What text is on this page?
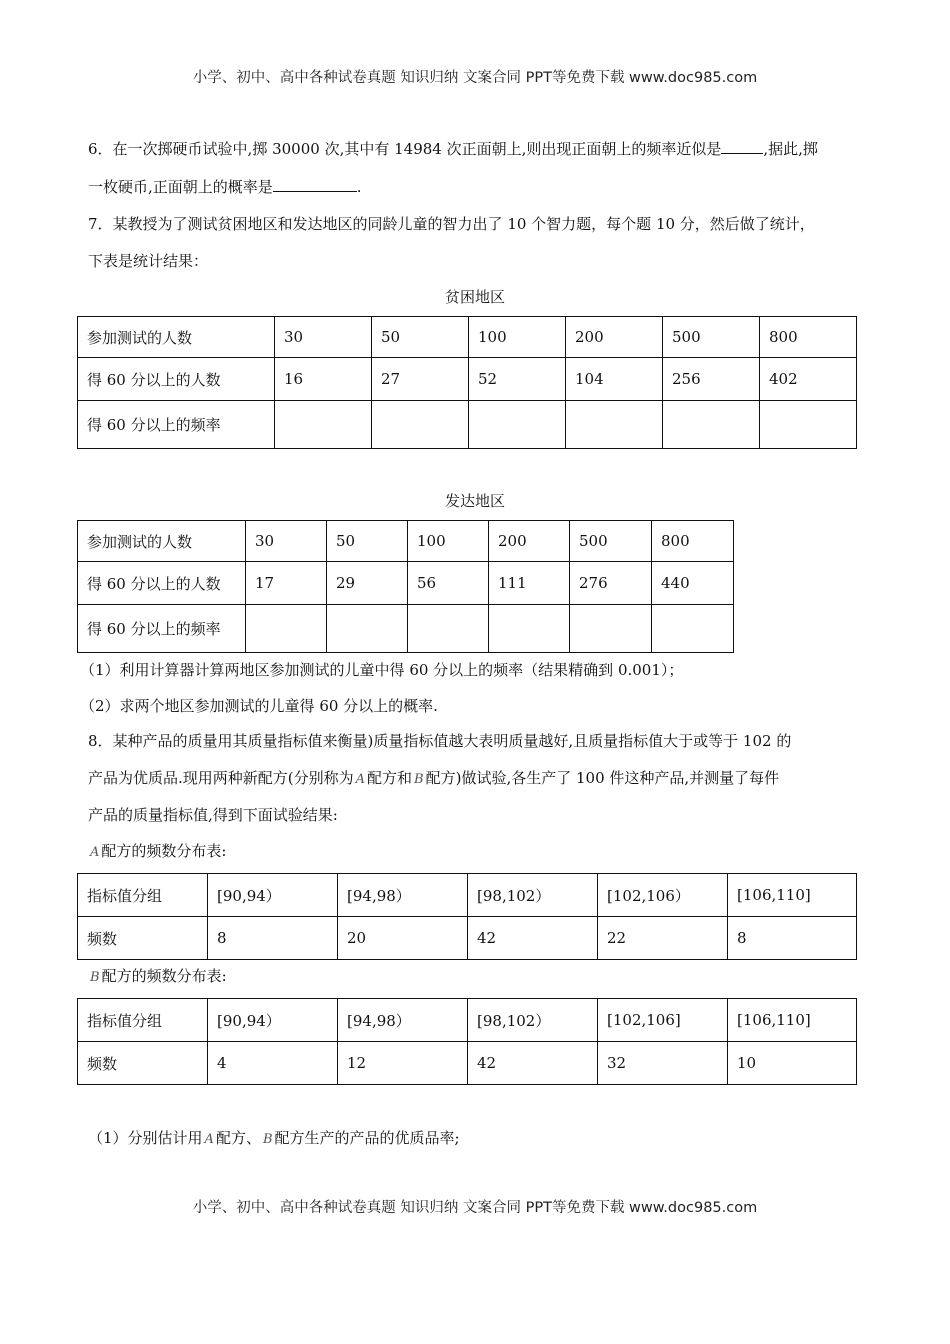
小学、初中、高中各种试卷真题 知识归纳 文案合同 PPT等免费下载 www.doc985.com
6．在一次掷硬币试验中,掷 30000 次,其中有 14984 次正面朝上,则出现正面朝上的频率近似是	,据此,掷
一枚硬币,正面朝上的概率是	.
7．某教授为了测试贫困地区和发达地区的同龄儿童的智力出了 10 个智力题，每个题 10 分，然后做了统计，
下表是统计结果：
贫困地区
参加测试的人数	30	50	100	200	500	800
得 60 分以上的人数	16	27	52	104	256	402
得 60 分以上的频率						
发达地区
参加测试的人数	30	50	100	200	500	800
得 60 分以上的人数	17	29	56	111	276	440
得 60 分以上的频率						
（1）利用计算器计算两地区参加测试的儿童中得 60 分以上的频率（结果精确到 0.001）；
（2）求两个地区参加测试的儿童得 60 分以上的概率.
8．某种产品的质量用其质量指标值来衡量)质量指标值越大表明质量越好,且质量指标值大于或等于 102 的
产品为优质品.现用两种新配方(分别称为 A 配方和 B 配方)做试验,各生产了 100 件这种产品,并测量了每件
产品的质量指标值,得到下面试验结果:
A 配方的频数分布表:
指标值分组	[90,94）	[94,98）	[98,102）	[102,106）	[106,110]
频数	8	20	42	22	8
B 配方的频数分布表:
指标值分组	[90,94）	[94,98）	[98,102）	[102,106]	[106,110]
频数	4	12	42	32	10
（1）分别估计用 A 配方、 B 配方生产的产品的优质品率;
小学、初中、高中各种试卷真题 知识归纳 文案合同 PPT等免费下载 www.doc985.com
